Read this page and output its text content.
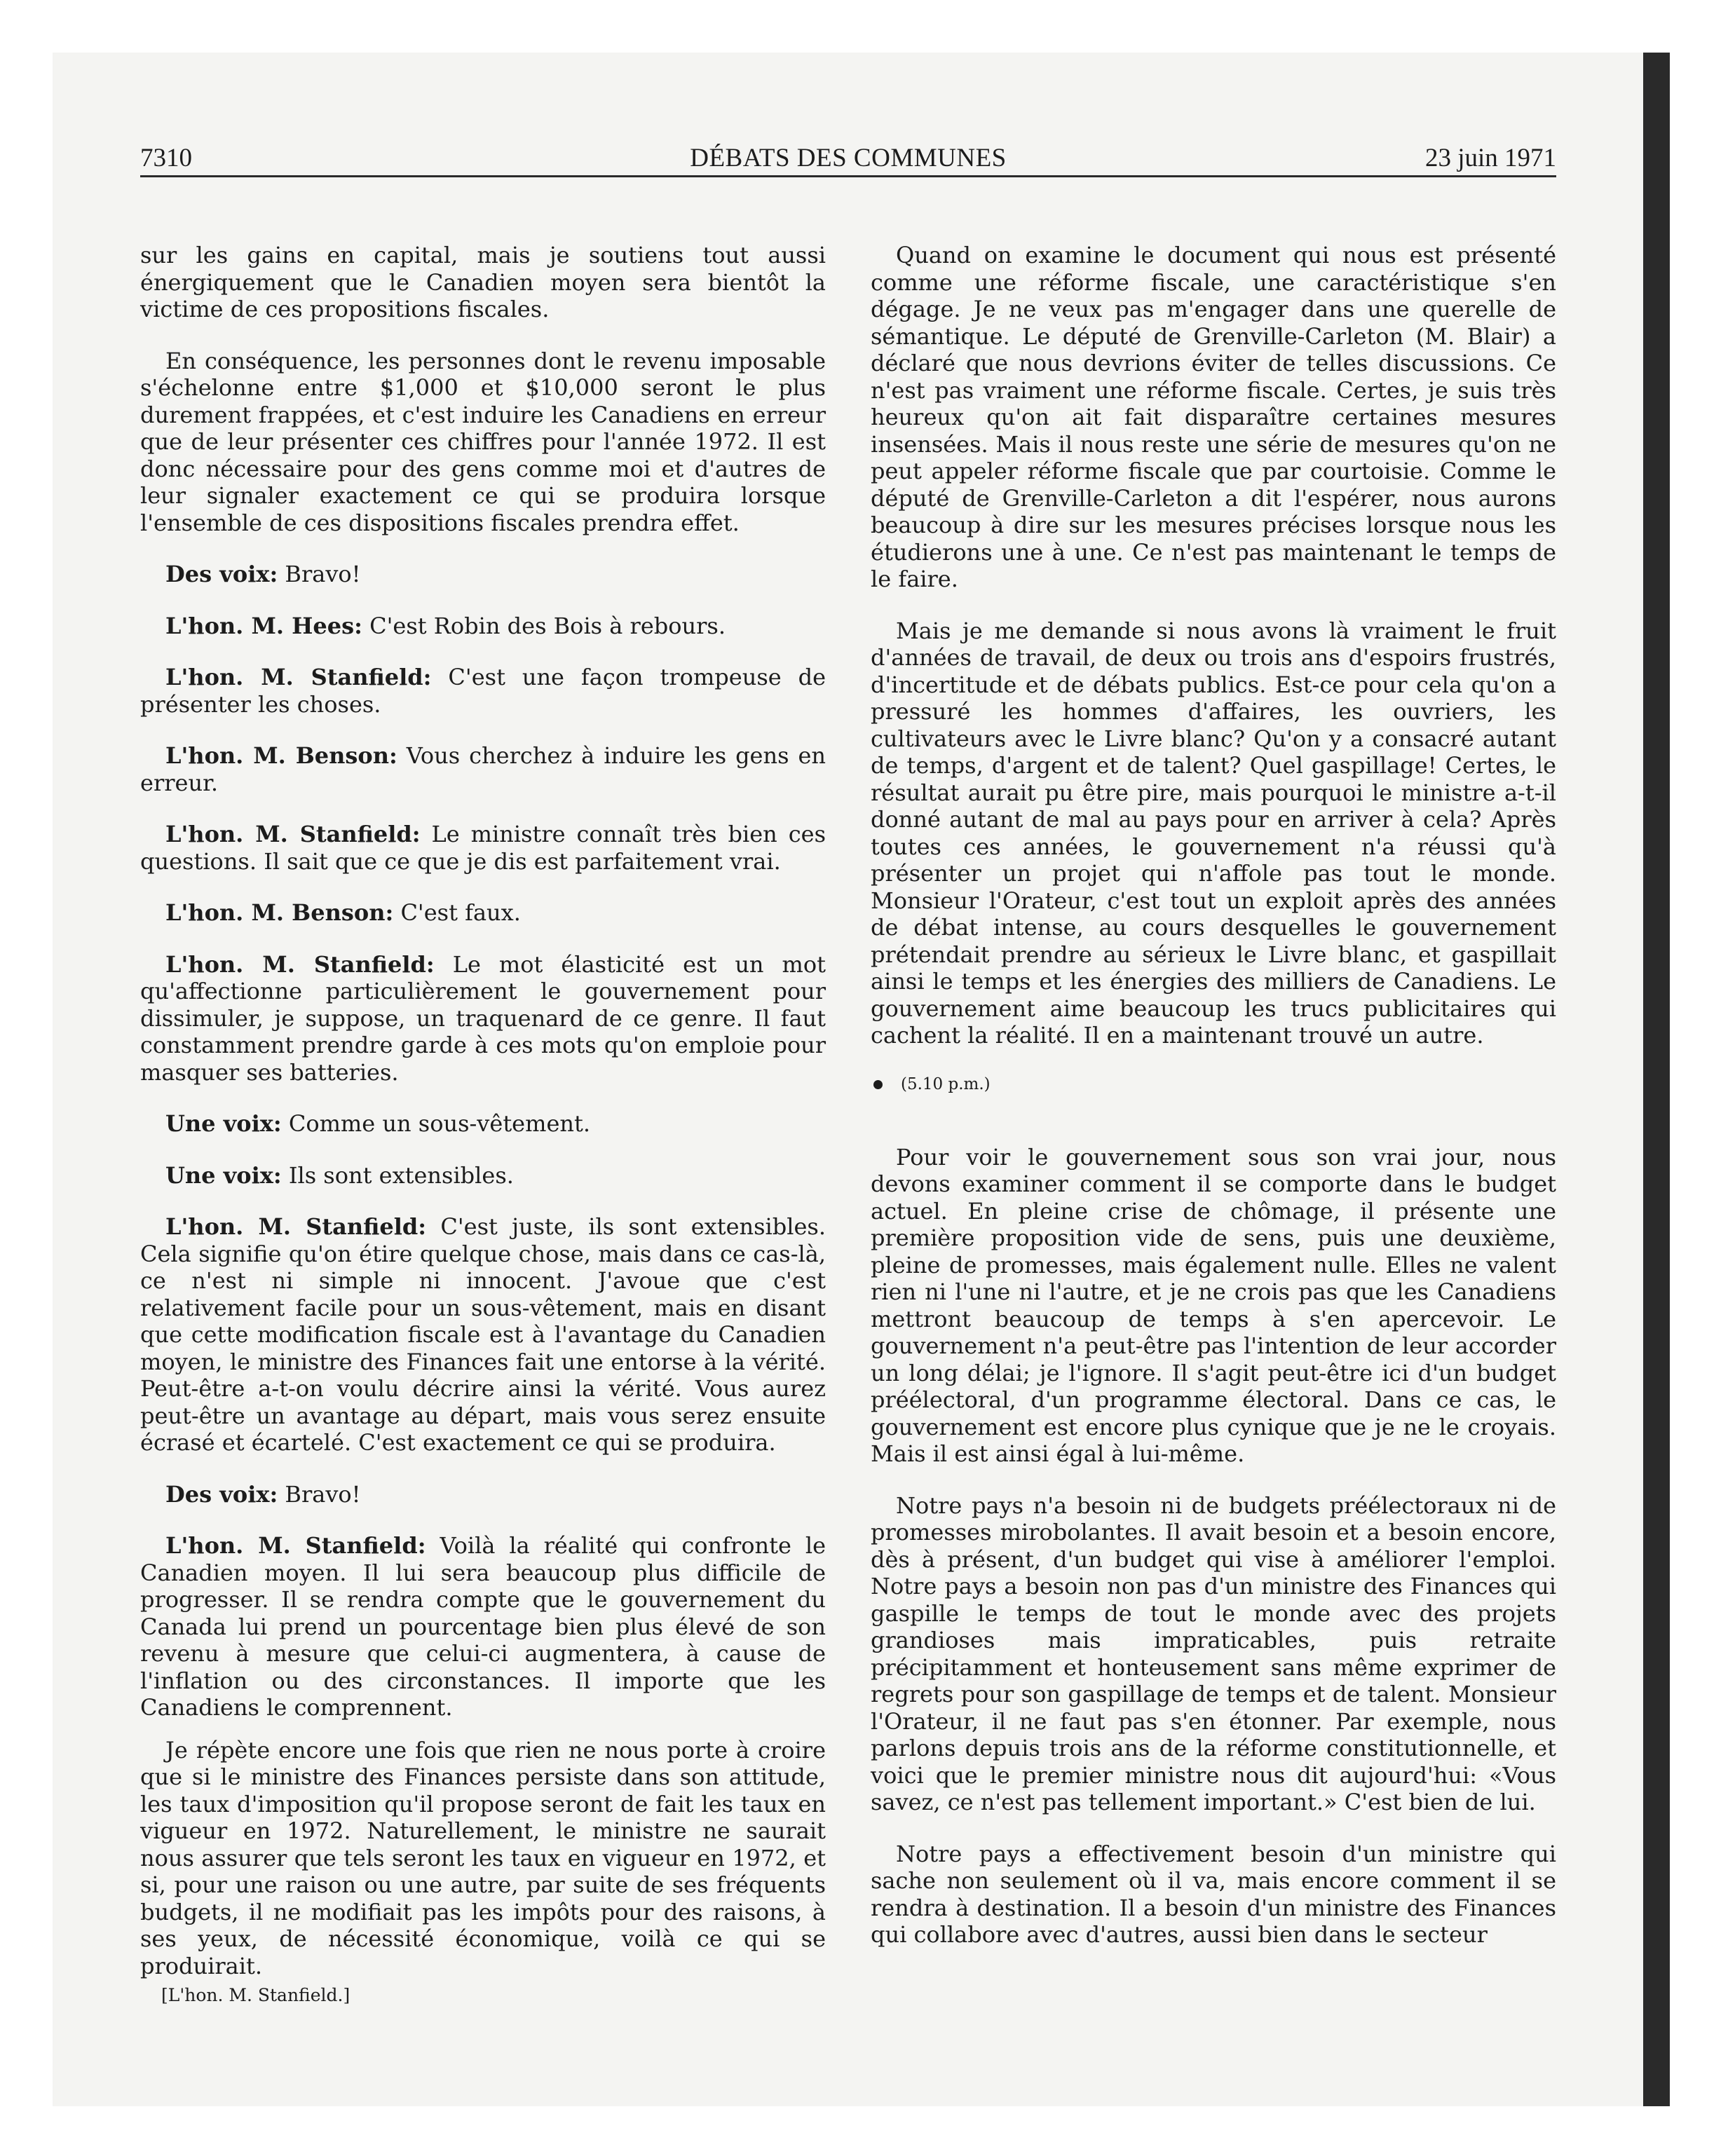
7310	DÉBATS DES COMMUNES	23 juin 1971

sur les gains en capital, mais je soutiens tout aussi énergiquement que le Canadien moyen sera bientôt la victime de ces propositions fiscales.

En conséquence, les personnes dont le revenu imposable s'échelonne entre $1,000 et $10,000 seront le plus durement frappées, et c'est induire les Canadiens en erreur que de leur présenter ces chiffres pour l'année 1972. Il est donc nécessaire pour des gens comme moi et d'autres de leur signaler exactement ce qui se produira lorsque l'ensemble de ces dispositions fiscales prendra effet.

Des voix: Bravo!

L'hon. M. Hees: C'est Robin des Bois à rebours.

L'hon. M. Stanfield: C'est une façon trompeuse de présenter les choses.

L'hon. M. Benson: Vous cherchez à induire les gens en erreur.

L'hon. M. Stanfield: Le ministre connaît très bien ces questions. Il sait que ce que je dis est parfaitement vrai.

L'hon. M. Benson: C'est faux.

L'hon. M. Stanfield: Le mot élasticité est un mot qu'affectionne particulièrement le gouvernement pour dissimuler, je suppose, un traquenard de ce genre. Il faut constamment prendre garde à ces mots qu'on emploie pour masquer ses batteries.

Une voix: Comme un sous-vêtement.

Une voix: Ils sont extensibles.

L'hon. M. Stanfield: C'est juste, ils sont extensibles. Cela signifie qu'on étire quelque chose, mais dans ce cas-là, ce n'est ni simple ni innocent. J'avoue que c'est relativement facile pour un sous-vêtement, mais en disant que cette modification fiscale est à l'avantage du Canadien moyen, le ministre des Finances fait une entorse à la vérité. Peut-être a-t-on voulu décrire ainsi la vérité. Vous aurez peut-être un avantage au départ, mais vous serez ensuite écrasé et écartelé. C'est exactement ce qui se produira.

Des voix: Bravo!

L'hon. M. Stanfield: Voilà la réalité qui confronte le Canadien moyen. Il lui sera beaucoup plus difficile de progresser. Il se rendra compte que le gouvernement du Canada lui prend un pourcentage bien plus élevé de son revenu à mesure que celui-ci augmentera, à cause de l'inflation ou des circonstances. Il importe que les Canadiens le comprennent.

Je répète encore une fois que rien ne nous porte à croire que si le ministre des Finances persiste dans son attitude, les taux d'imposition qu'il propose seront de fait les taux en vigueur en 1972. Naturellement, le ministre ne saurait nous assurer que tels seront les taux en vigueur en 1972, et si, pour une raison ou une autre, par suite de ses fréquents budgets, il ne modifiait pas les impôts pour des raisons, à ses yeux, de nécessité économique, voilà ce qui se produirait.

[L'hon. M. Stanfield.]

Quand on examine le document qui nous est présenté comme une réforme fiscale, une caractéristique s'en dégage. Je ne veux pas m'engager dans une querelle de sémantique. Le député de Grenville-Carleton (M. Blair) a déclaré que nous devrions éviter de telles discussions. Ce n'est pas vraiment une réforme fiscale. Certes, je suis très heureux qu'on ait fait disparaître certaines mesures insensées. Mais il nous reste une série de mesures qu'on ne peut appeler réforme fiscale que par courtoisie. Comme le député de Grenville-Carleton a dit l'espérer, nous aurons beaucoup à dire sur les mesures précises lorsque nous les étudierons une à une. Ce n'est pas maintenant le temps de le faire.

Mais je me demande si nous avons là vraiment le fruit d'années de travail, de deux ou trois ans d'espoirs frustrés, d'incertitude et de débats publics. Est-ce pour cela qu'on a pressuré les hommes d'affaires, les ouvriers, les cultivateurs avec le Livre blanc? Qu'on y a consacré autant de temps, d'argent et de talent? Quel gaspillage! Certes, le résultat aurait pu être pire, mais pourquoi le ministre a-t-il donné autant de mal au pays pour en arriver à cela? Après toutes ces années, le gouvernement n'a réussi qu'à présenter un projet qui n'affole pas tout le monde. Monsieur l'Orateur, c'est tout un exploit après des années de débat intense, au cours desquelles le gouvernement prétendait prendre au sérieux le Livre blanc, et gaspillait ainsi le temps et les énergies des milliers de Canadiens. Le gouvernement aime beaucoup les trucs publicitaires qui cachent la réalité. Il en a maintenant trouvé un autre.

(5.10 p.m.)

Pour voir le gouvernement sous son vrai jour, nous devons examiner comment il se comporte dans le budget actuel. En pleine crise de chômage, il présente une première proposition vide de sens, puis une deuxième, pleine de promesses, mais également nulle. Elles ne valent rien ni l'une ni l'autre, et je ne crois pas que les Canadiens mettront beaucoup de temps à s'en apercevoir. Le gouvernement n'a peut-être pas l'intention de leur accorder un long délai; je l'ignore. Il s'agit peut-être ici d'un budget préélectoral, d'un programme électoral. Dans ce cas, le gouvernement est encore plus cynique que je ne le croyais. Mais il est ainsi égal à lui-même.

Notre pays n'a besoin ni de budgets préélectoraux ni de promesses mirobolantes. Il avait besoin et a besoin encore, dès à présent, d'un budget qui vise à améliorer l'emploi. Notre pays a besoin non pas d'un ministre des Finances qui gaspille le temps de tout le monde avec des projets grandioses mais impraticables, puis retraite précipitamment et honteusement sans même exprimer de regrets pour son gaspillage de temps et de talent. Monsieur l'Orateur, il ne faut pas s'en étonner. Par exemple, nous parlons depuis trois ans de la réforme constitutionnelle, et voici que le premier ministre nous dit aujourd'hui: «Vous savez, ce n'est pas tellement important.» C'est bien de lui.

Notre pays a effectivement besoin d'un ministre qui sache non seulement où il va, mais encore comment il se rendra à destination. Il a besoin d'un ministre des Finances qui collabore avec d'autres, aussi bien dans le secteur
